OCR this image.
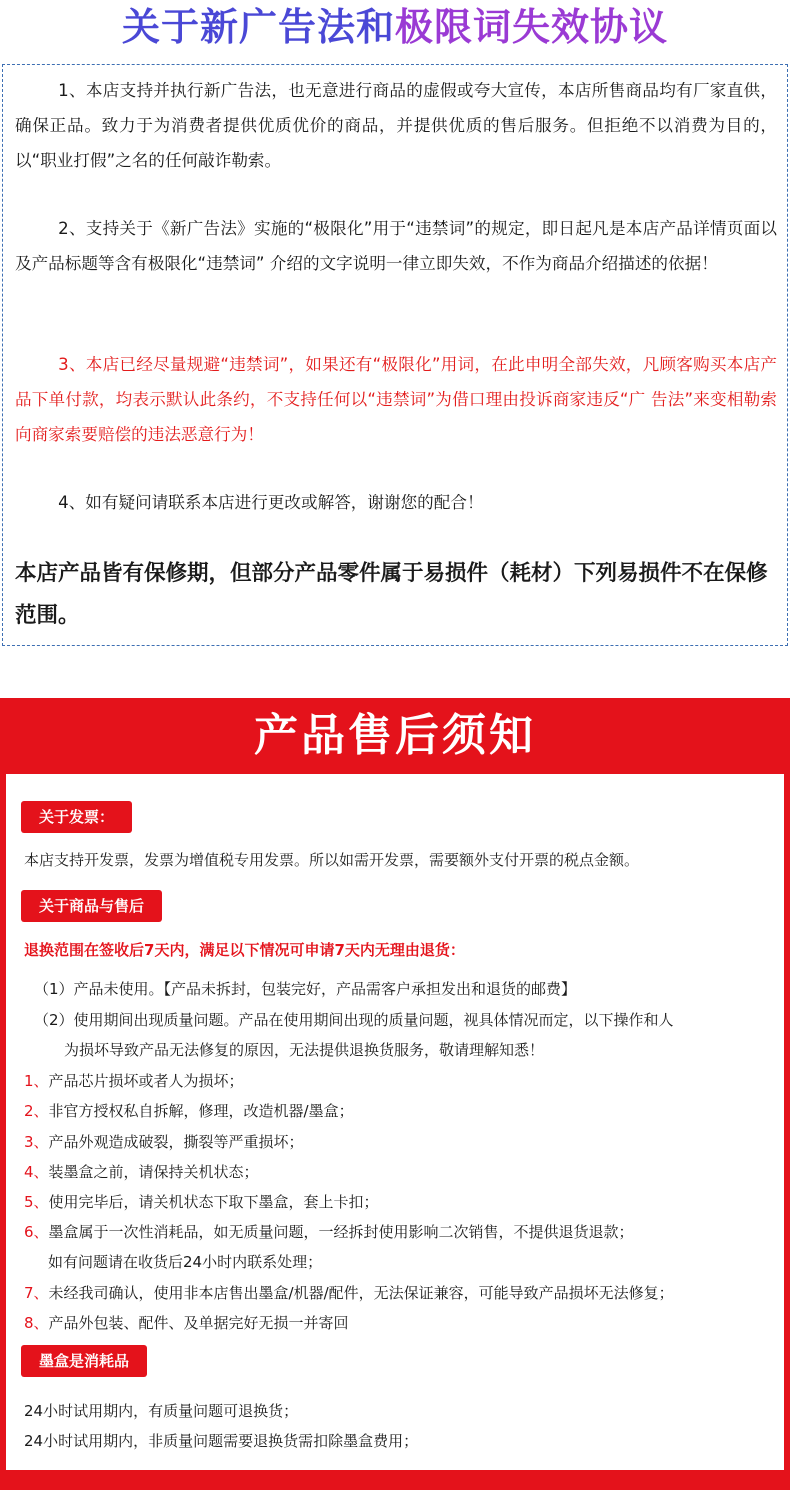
关于新广告法和极限词失效协议
1、本店支持并执行新广告法，也无意进行商品的虚假或夸大宣传，本店所售商品均有厂家直供，确保正品。致力于为消费者提供优质优价的商品，并提供优质的售后服务。但拒绝不以消费为目的，以“职业打假”之名的任何敲诈勒索。
2、支持关于《新广告法》实施的“极限化”用于“违禁词”的规定，即日起凡是本店产品详情页面以及产品标题等含有极限化“违禁词” 介绍的文字说明一律立即失效，不作为商品介绍描述的依据！
3、本店已经尽量规避“违禁词”，如果还有“极限化”用词，在此申明全部失效，凡顾客购买本店产品下单付款，均表示默认此条约，不支持任何以“违禁词”为借口理由投诉商家违反“广 告法”来变相勒索向商家索要赔偿的违法恶意行为！
4、如有疑问请联系本店进行更改或解答，谢谢您的配合！
本店产品皆有保修期，但部分产品零件属于易损件（耗材）下列易损件不在保修范围。
产品售后须知
关于发票：
本店支持开发票，发票为增值税专用发票。所以如需开发票，需要额外支付开票的税点金额。
关于商品与售后
退换范围在签收后7天内，满足以下情况可申请7天内无理由退货：
（1）产品未使用。【产品未拆封，包装完好，产品需客户承担发出和退货的邮费】
（2）使用期间出现质量问题。产品在使用期间出现的质量问题，视具体情况而定，以下操作和人
为损坏导致产品无法修复的原因，无法提供退换货服务，敬请理解知悉！
1、产品芯片损坏或者人为损坏；
2、非官方授权私自拆解，修理，改造机器/墨盒；
3、产品外观造成破裂，撕裂等严重损坏；
4、装墨盒之前，请保持关机状态；
5、使用完毕后，请关机状态下取下墨盒，套上卡扣；
6、墨盒属于一次性消耗品，如无质量问题，一经拆封使用影响二次销售，不提供退货退款；
如有问题请在收货后24小时内联系处理；
7、未经我司确认，使用非本店售出墨盒/机器/配件，无法保证兼容，可能导致产品损坏无法修复；
8、产品外包装、配件、及单据完好无损一并寄回
墨盒是消耗品
24小时试用期内，有质量问题可退换货；
24小时试用期内，非质量问题需要退换货需扣除墨盒费用；
